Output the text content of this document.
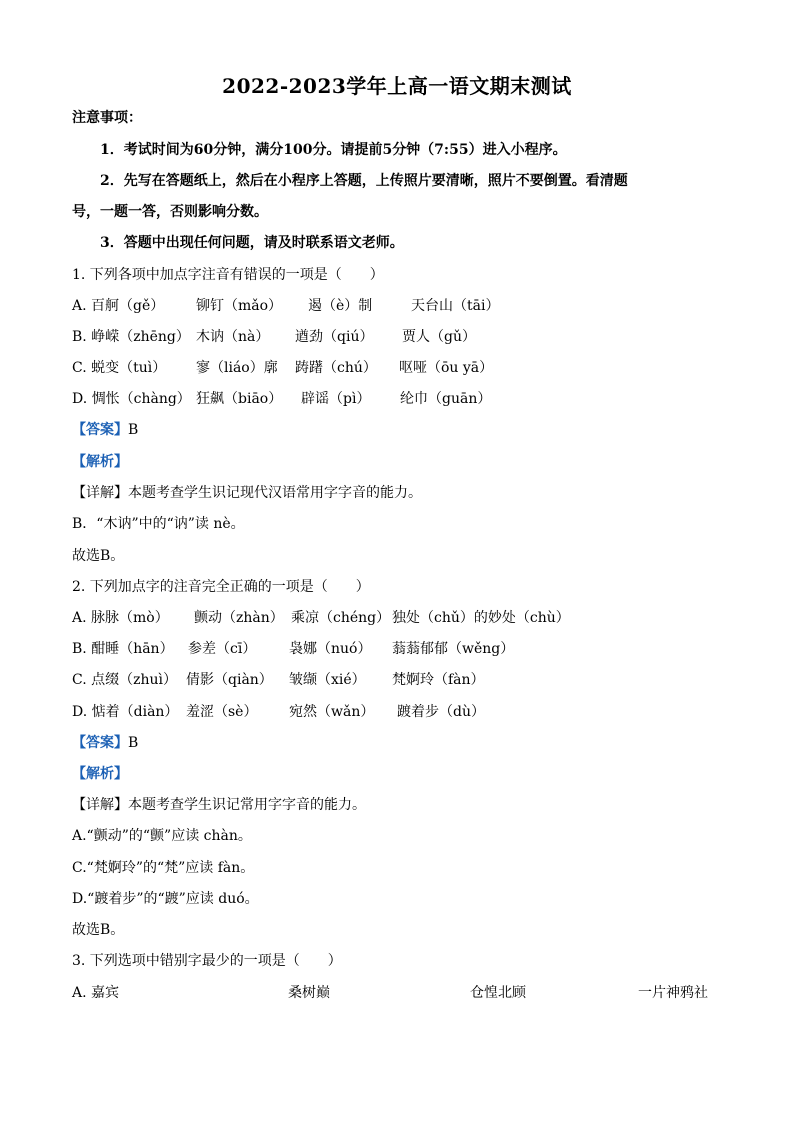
2022-2023学年上高一语文期末测试
注意事项：
1．考试时间为60分钟，满分100分。请提前5分钟（7:55）进入小程序。
2．先写在答题纸上，然后在小程序上答题，上传照片要清晰，照片不要倒置。看清题
号，一题一答，否则影响分数。
3．答题中出现任何问题，请及时联系语文老师。
1. 下列各项中加点字注音有错误的一项是（　　）
A. 百舸（gě） 铆钉（mǎo） 遏（è）制	天台山（tāi）
B. 峥嵘（zhēng） 木讷（nà） 遒劲（qiú） 贾人（gǔ）
C. 蜕变（tuì） 寥（liáo）廓 踌躇（chú） 呕哑（ōu yā）
D. 惆怅（chàng） 狂飙（biāo） 辟谣（pì） 纶巾（guān）
【答案】B
【解析】
【详解】本题考查学生识记现代汉语常用字字音的能力。
B．“木讷”中的“讷”读 nè。
故选B。
2. 下列加点字的注音完全正确的一项是（　　）
A. 脉脉（mò） 颤动（zhàn） 乘凉（chéng） 独处（chǔ）的妙处（chù）
B. 酣睡（hān） 参差（cī） 袅娜（nuó） 蓊蓊郁郁（wěng）
C. 点缀（zhuì） 倩影（qiàn） 皱缬（xié） 梵婀玲（fàn）
D. 惦着（diàn） 羞涩（sè） 宛然（wǎn） 踱着步（dù）
【答案】B
【解析】
【详解】本题考查学生识记常用字字音的能力。
A.“颤动”的“颤”应读 chàn。
C.“梵婀玲”的“梵”应读 fàn。
D.“踱着步”的“踱”应读 duó。
故选B。
3. 下列选项中错别字最少的一项是（　　）
A. 嘉宾	桑树巅	仓惶北顾	一片神鸦社
